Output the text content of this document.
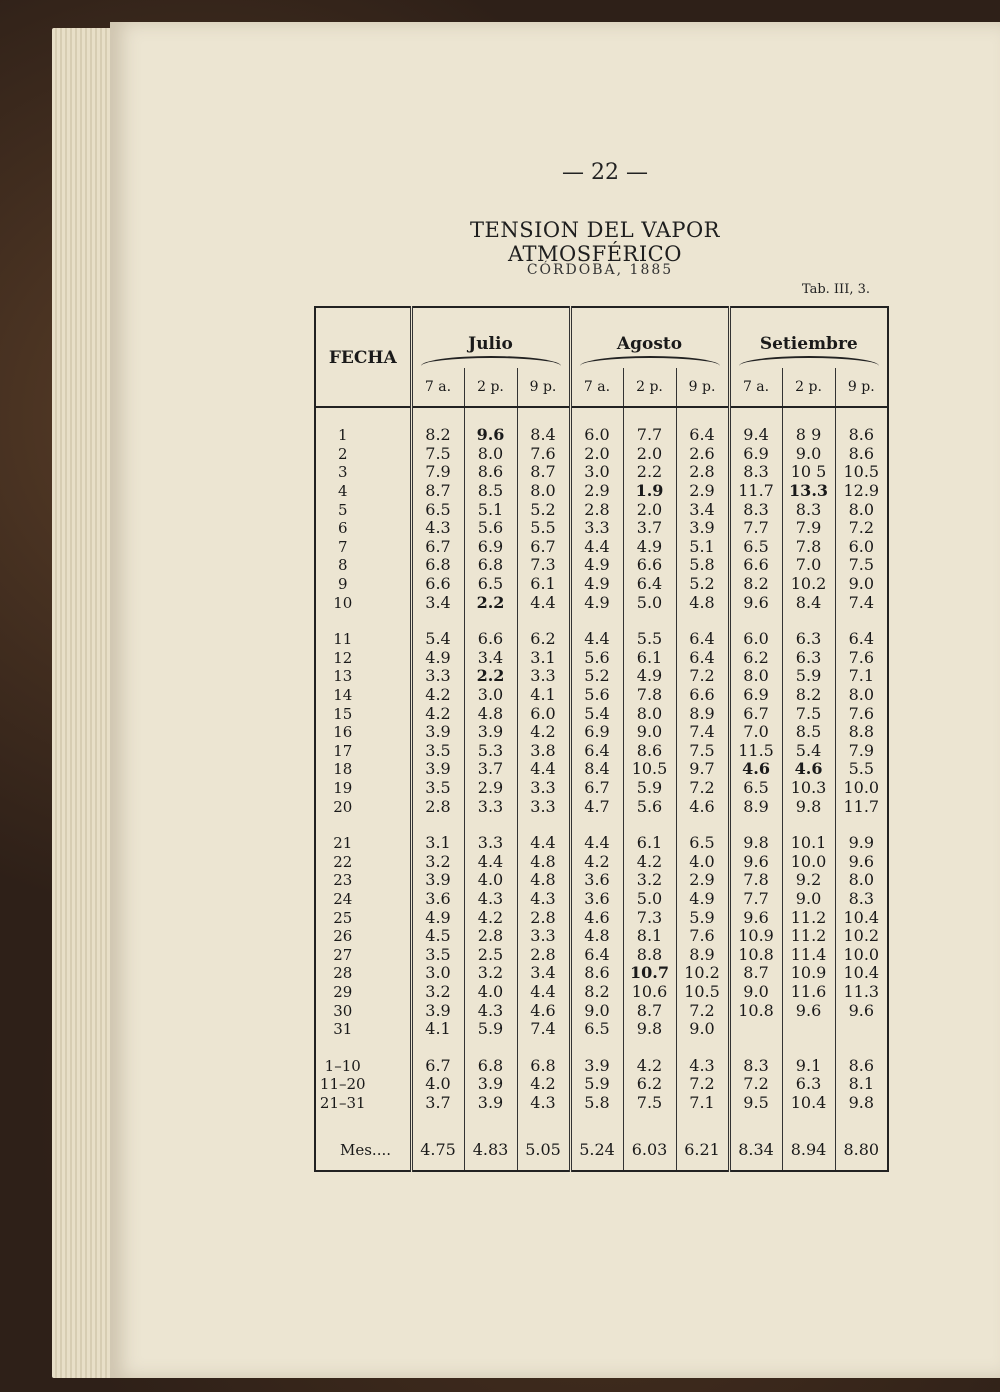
— 22 —
TENSION DEL VAPOR ATMOSFÉRICO
CÓRDOBA, 1885
Tab. III, 3.
FECHA	Julio			Agosto			Setiembre		

	7 a.	2 p.	9 p.	7 a.	2 p.	9 p.	7 a.	2 p.	9 p.
1	8.2	9.6	8.4	6.0	7.7	6.4	9.4	8 9	8.6
2	7.5	8.0	7.6	2.0	2.0	2.6	6.9	9.0	8.6
3	7.9	8.6	8.7	3.0	2.2	2.8	8.3	10 5	10.5
4	8.7	8.5	8.0	2.9	1.9	2.9	11.7	13.3	12.9
5	6.5	5.1	5.2	2.8	2.0	3.4	8.3	8.3	8.0
6	4.3	5.6	5.5	3.3	3.7	3.9	7.7	7.9	7.2
7	6.7	6.9	6.7	4.4	4.9	5.1	6.5	7.8	6.0
8	6.8	6.8	7.3	4.9	6.6	5.8	6.6	7.0	7.5
9	6.6	6.5	6.1	4.9	6.4	5.2	8.2	10.2	9.0
10	3.4	2.2	4.4	4.9	5.0	4.8	9.6	8.4	7.4
11	5.4	6.6	6.2	4.4	5.5	6.4	6.0	6.3	6.4
12	4.9	3.4	3.1	5.6	6.1	6.4	6.2	6.3	7.6
13	3.3	2.2	3.3	5.2	4.9	7.2	8.0	5.9	7.1
14	4.2	3.0	4.1	5.6	7.8	6.6	6.9	8.2	8.0
15	4.2	4.8	6.0	5.4	8.0	8.9	6.7	7.5	7.6
16	3.9	3.9	4.2	6.9	9.0	7.4	7.0	8.5	8.8
17	3.5	5.3	3.8	6.4	8.6	7.5	11.5	5.4	7.9
18	3.9	3.7	4.4	8.4	10.5	9.7	4.6	4.6	5.5
19	3.5	2.9	3.3	6.7	5.9	7.2	6.5	10.3	10.0
20	2.8	3.3	3.3	4.7	5.6	4.6	8.9	9.8	11.7
21	3.1	3.3	4.4	4.4	6.1	6.5	9.8	10.1	9.9
22	3.2	4.4	4.8	4.2	4.2	4.0	9.6	10.0	9.6
23	3.9	4.0	4.8	3.6	3.2	2.9	7.8	9.2	8.0
24	3.6	4.3	4.3	3.6	5.0	4.9	7.7	9.0	8.3
25	4.9	4.2	2.8	4.6	7.3	5.9	9.6	11.2	10.4
26	4.5	2.8	3.3	4.8	8.1	7.6	10.9	11.2	10.2
27	3.5	2.5	2.8	6.4	8.8	8.9	10.8	11.4	10.0
28	3.0	3.2	3.4	8.6	10.7	10.2	8.7	10.9	10.4
29	3.2	4.0	4.4	8.2	10.6	10.5	9.0	11.6	11.3
30	3.9	4.3	4.6	9.0	8.7	7.2	10.8	9.6	9.6
31	4.1	5.9	7.4	6.5	9.8	9.0			
1–10	6.7	6.8	6.8	3.9	4.2	4.3	8.3	9.1	8.6
11–20	4.0	3.9	4.2	5.9	6.2	7.2	7.2	6.3	8.1
21–31	3.7	3.9	4.3	5.8	7.5	7.1	9.5	10.4	9.8
Mes....	4.75	4.83	5.05	5.24	6.03	6.21	8.34	8.94	8.80
